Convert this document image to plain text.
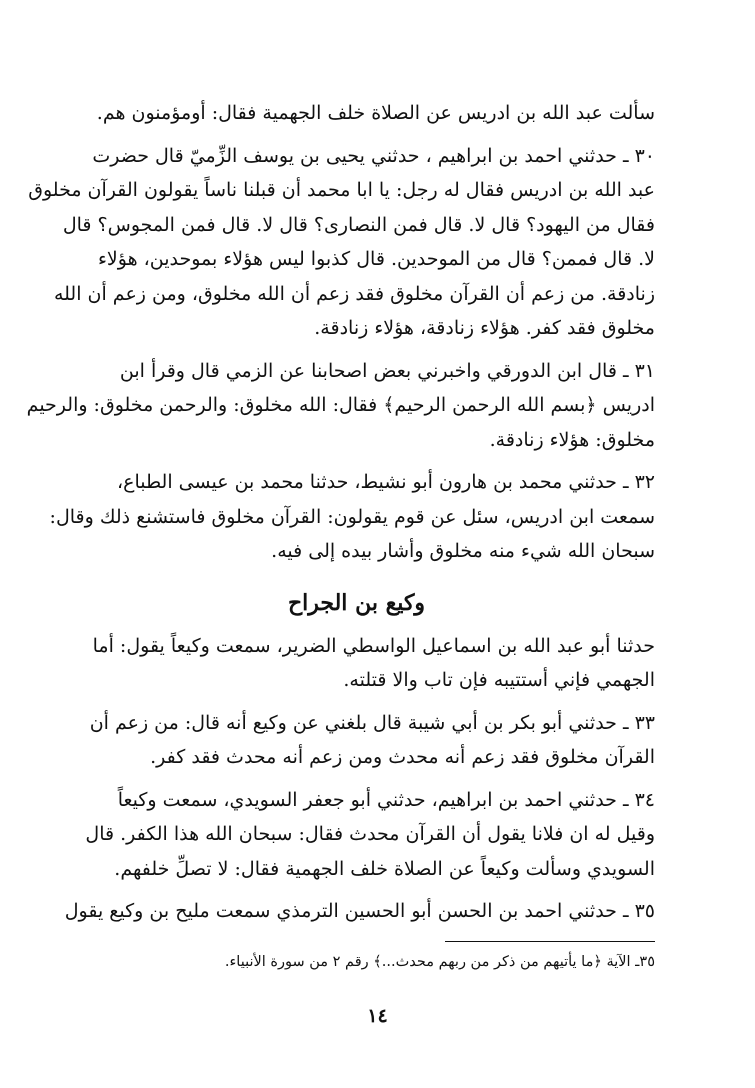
سألت عبد الله بن ادريس عن الصلاة خلف الجهمية فقال: أومؤمنون هم.
٣٠ ـ حدثني احمد بن ابراهيم ، حدثني يحيى بن يوسف الزِّميّ قال حضرت
عبد الله بن ادريس فقال له رجل: يا ابا محمد أن قبلنا ناساً يقولون القرآن مخلوق
فقال من اليهود؟ قال لا. قال فمن النصارى؟ قال لا. قال فمن المجوس؟ قال
لا. قال فممن؟ قال من الموحدين. قال كذبوا ليس هؤلاء بموحدين، هؤلاء
زنادقة. من زعم أن القرآن مخلوق فقد زعم أن الله مخلوق، ومن زعم أن الله
مخلوق فقد كفر. هؤلاء زنادقة، هؤلاء زنادقة.
٣١ ـ قال ابن الدورقي واخبرني بعض اصحابنا عن الزمي قال وقرأ ابن
ادريس ﴿بسم الله الرحمن الرحيم﴾ فقال: الله مخلوق: والرحمن مخلوق: والرحيم
مخلوق: هؤلاء زنادقة.
٣٢ ـ حدثني محمد بن هارون أبو نشيط، حدثنا محمد بن عيسى الطباع،
سمعت ابن ادريس، سئل عن قوم يقولون: القرآن مخلوق فاستشنع ذلك وقال:
سبحان الله شيء منه مخلوق وأشار بيده إلى فيه.
وكيع بن الجراح
حدثنا أبو عبد الله بن اسماعيل الواسطي الضرير، سمعت وكيعاً يقول: أما
الجهمي فإني أستتيبه فإن تاب والا قتلته.
٣٣ ـ حدثني أبو بكر بن أبي شيبة قال بلغني عن وكيع أنه قال: من زعم أن
القرآن مخلوق فقد زعم أنه محدث ومن زعم أنه محدث فقد كفر.
٣٤ ـ حدثني احمد بن ابراهيم، حدثني أبو جعفر السويدي، سمعت وكيعاً
وقيل له ان فلانا يقول أن القرآن محدث فقال: سبحان الله هذا الكفر. قال
السويدي وسألت وكيعاً عن الصلاة خلف الجهمية فقال: لا تصلِّ خلفهم.
٣٥ ـ حدثني احمد بن الحسن أبو الحسين الترمذي سمعت مليح بن وكيع يقول
٣٥ـ الآية ﴿ما يأتيهم من ذكر من ربهم محدث...﴾ رقم ٢ من سورة الأنبياء.
١٤
